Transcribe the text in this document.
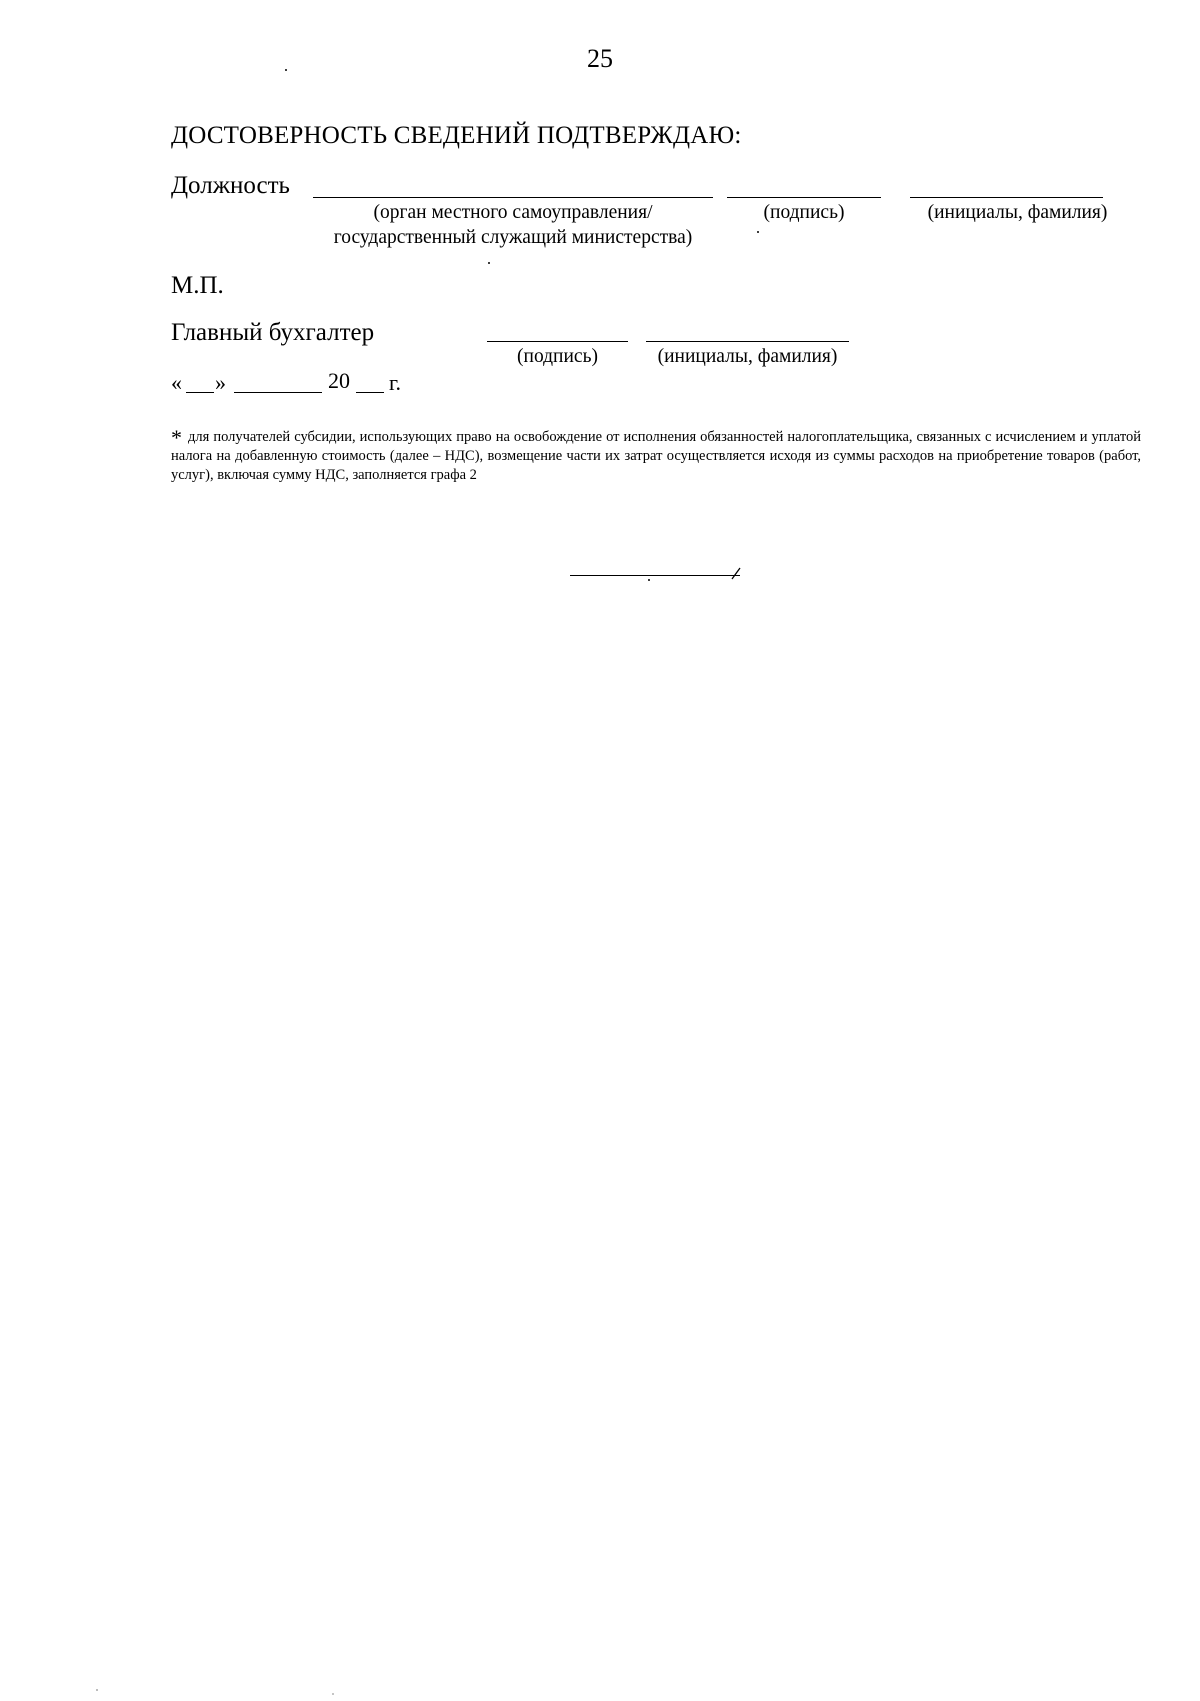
25
ДОСТОВЕРНОСТЬ СВЕДЕНИЙ ПОДТВЕРЖДАЮ:
Должность
(орган местного самоуправления/
государственный служащий министерства)
(подпись)	(инициалы, фамилия)
М.П.
Главный бухгалтер
(подпись)	(инициалы, фамилия)
« »	20 г.
* для получателей субсидии, использующих право на освобождение от исполнения обязанностей налогоплательщика, связанных с исчислением и уплатой налога на добавленную стоимость (далее – НДС), возмещение части их затрат осуществляется исходя из суммы расходов на приобретение товаров (работ, услуг), включая сумму НДС, заполняется графа 2
